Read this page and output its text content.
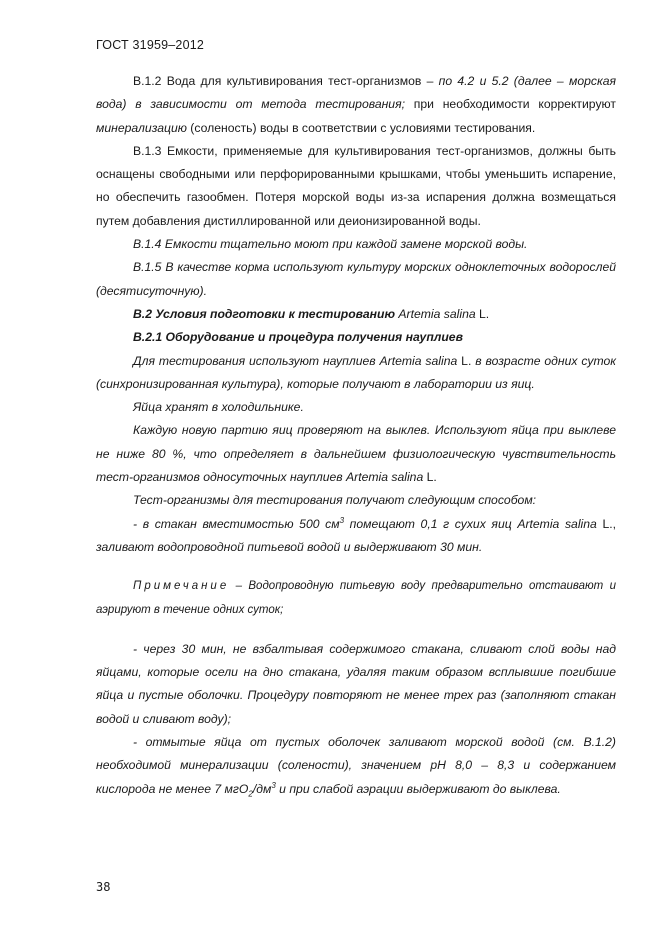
ГОСТ 31959–2012

В.1.2 Вода для культивирования тест-организмов – по 4.2 и 5.2 (далее – морская вода) в зависимости от метода тестирования; при необходимости корректируют минерализацию (соленость) воды в соответствии с условиями тестирования.

В.1.3 Емкости, применяемые для культивирования тест-организмов, должны быть оснащены свободными или перфорированными крышками, чтобы уменьшить испарение, но обеспечить газообмен. Потеря морской воды из-за испарения должна возмещаться путем добавления дистиллированной или деионизированной воды.

В.1.4 Емкости тщательно моют при каждой замене морской воды.

В.1.5 В качестве корма используют культуру морских одноклеточных водорослей (десятисуточную).

В.2 Условия подготовки к тестированию Artemia salina L.

В.2.1 Оборудование и процедура получения науплиев

Для тестирования используют науплиев Artemia salina L. в возрасте одних суток (синхронизированная культура), которые получают в лаборатории из яиц.

Яйца хранят в холодильнике.

Каждую новую партию яиц проверяют на выклев. Используют яйца при выклеве не ниже 80 %, что определяет в дальнейшем физиологическую чувствительность тест-организмов односуточных науплиев Artemia salina L.

Тест-организмы для тестирования получают следующим способом:

- в стакан вместимостью 500 $см^3$ помещают 0,1 г сухих яиц Artemia salina L., заливают водопроводной питьевой водой и выдерживают 30 мин.

Примечание – Водопроводную питьевую воду предварительно отстаивают и аэрируют в течение одних суток;

- через 30 мин, не взбалтывая содержимого стакана, сливают слой воды над яйцами, которые осели на дно стакана, удаляя таким образом всплывшие погибшие яйца и пустые оболочки. Процедуру повторяют не менее трех раз (заполняют стакан водой и сливают воду);

- отмытые яйца от пустых оболочек заливают морской водой (см. В.1.2) необходимой минерализации (солености), значением рН 8,0 – 8,3 и содержанием кислорода не менее 7 $мгО_2/дм^3$ и при слабой аэрации выдерживают до выклева.

38
